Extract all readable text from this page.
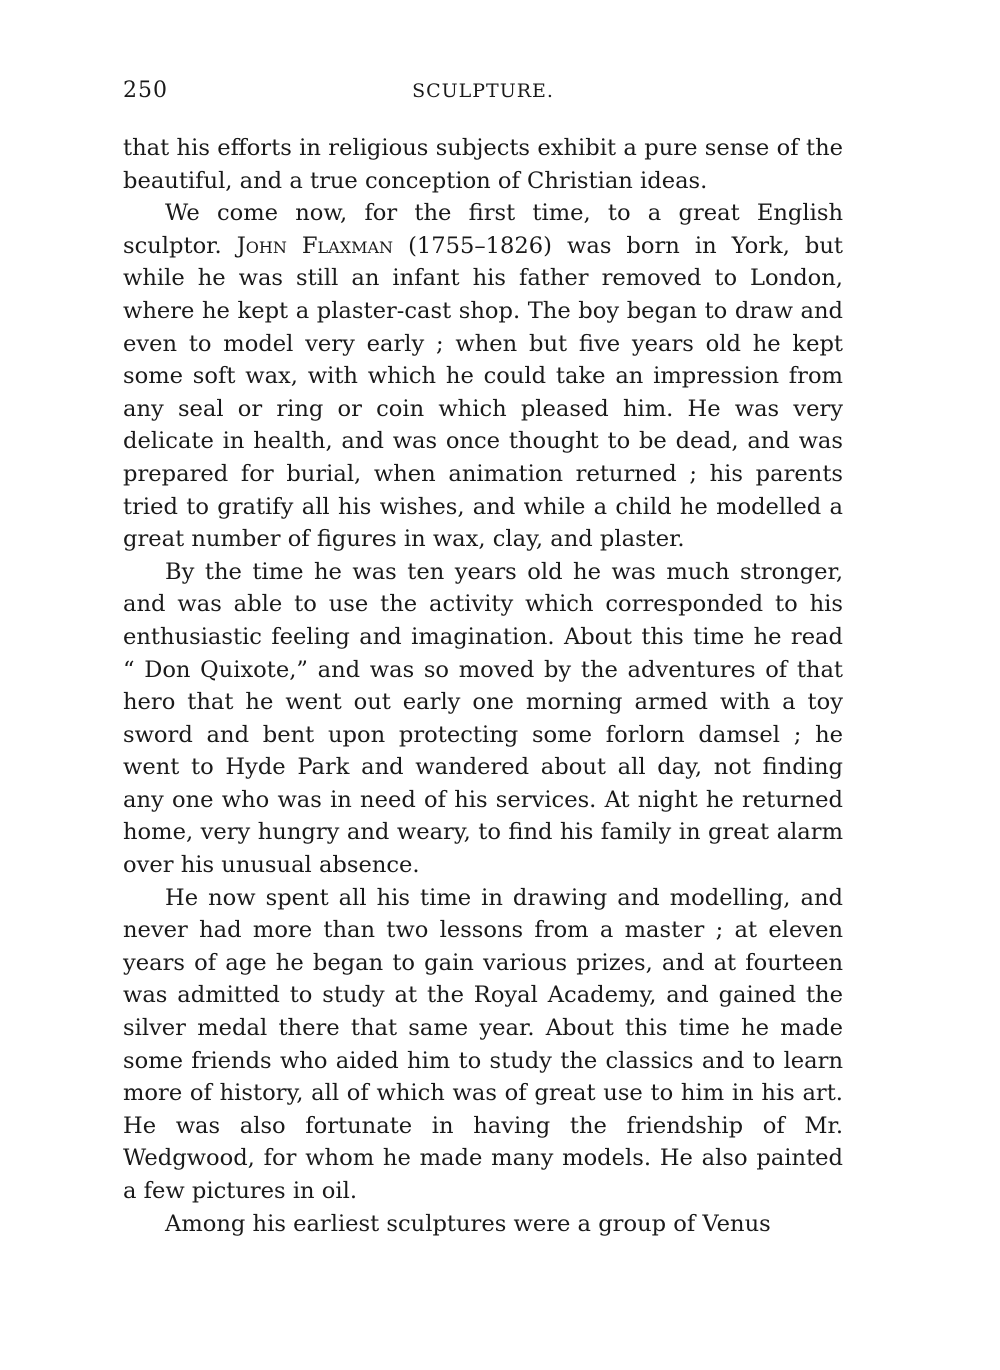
250	SCULPTURE.

that his efforts in religious subjects exhibit a pure sense of the beautiful, and a true conception of Christian ideas.

We come now, for the first time, to a great English sculptor. John Flaxman (1755–1826) was born in York, but while he was still an infant his father removed to London, where he kept a plaster-cast shop. The boy began to draw and even to model very early ; when but five years old he kept some soft wax, with which he could take an impression from any seal or ring or coin which pleased him. He was very delicate in health, and was once thought to be dead, and was prepared for burial, when animation returned ; his parents tried to gratify all his wishes, and while a child he modelled a great number of figures in wax, clay, and plaster.

By the time he was ten years old he was much stronger, and was able to use the activity which corresponded to his enthusiastic feeling and imagination. About this time he read “ Don Quixote,” and was so moved by the adventures of that hero that he went out early one morning armed with a toy sword and bent upon protecting some forlorn damsel ; he went to Hyde Park and wandered about all day, not finding any one who was in need of his services. At night he returned home, very hungry and weary, to find his family in great alarm over his unusual absence.

He now spent all his time in drawing and modelling, and never had more than two lessons from a master ; at eleven years of age he began to gain various prizes, and at fourteen was admitted to study at the Royal Academy, and gained the silver medal there that same year. About this time he made some friends who aided him to study the classics and to learn more of history, all of which was of great use to him in his art. He was also fortunate in having the friendship of Mr. Wedgwood, for whom he made many models. He also painted a few pictures in oil.

Among his earliest sculptures were a group of Venus
